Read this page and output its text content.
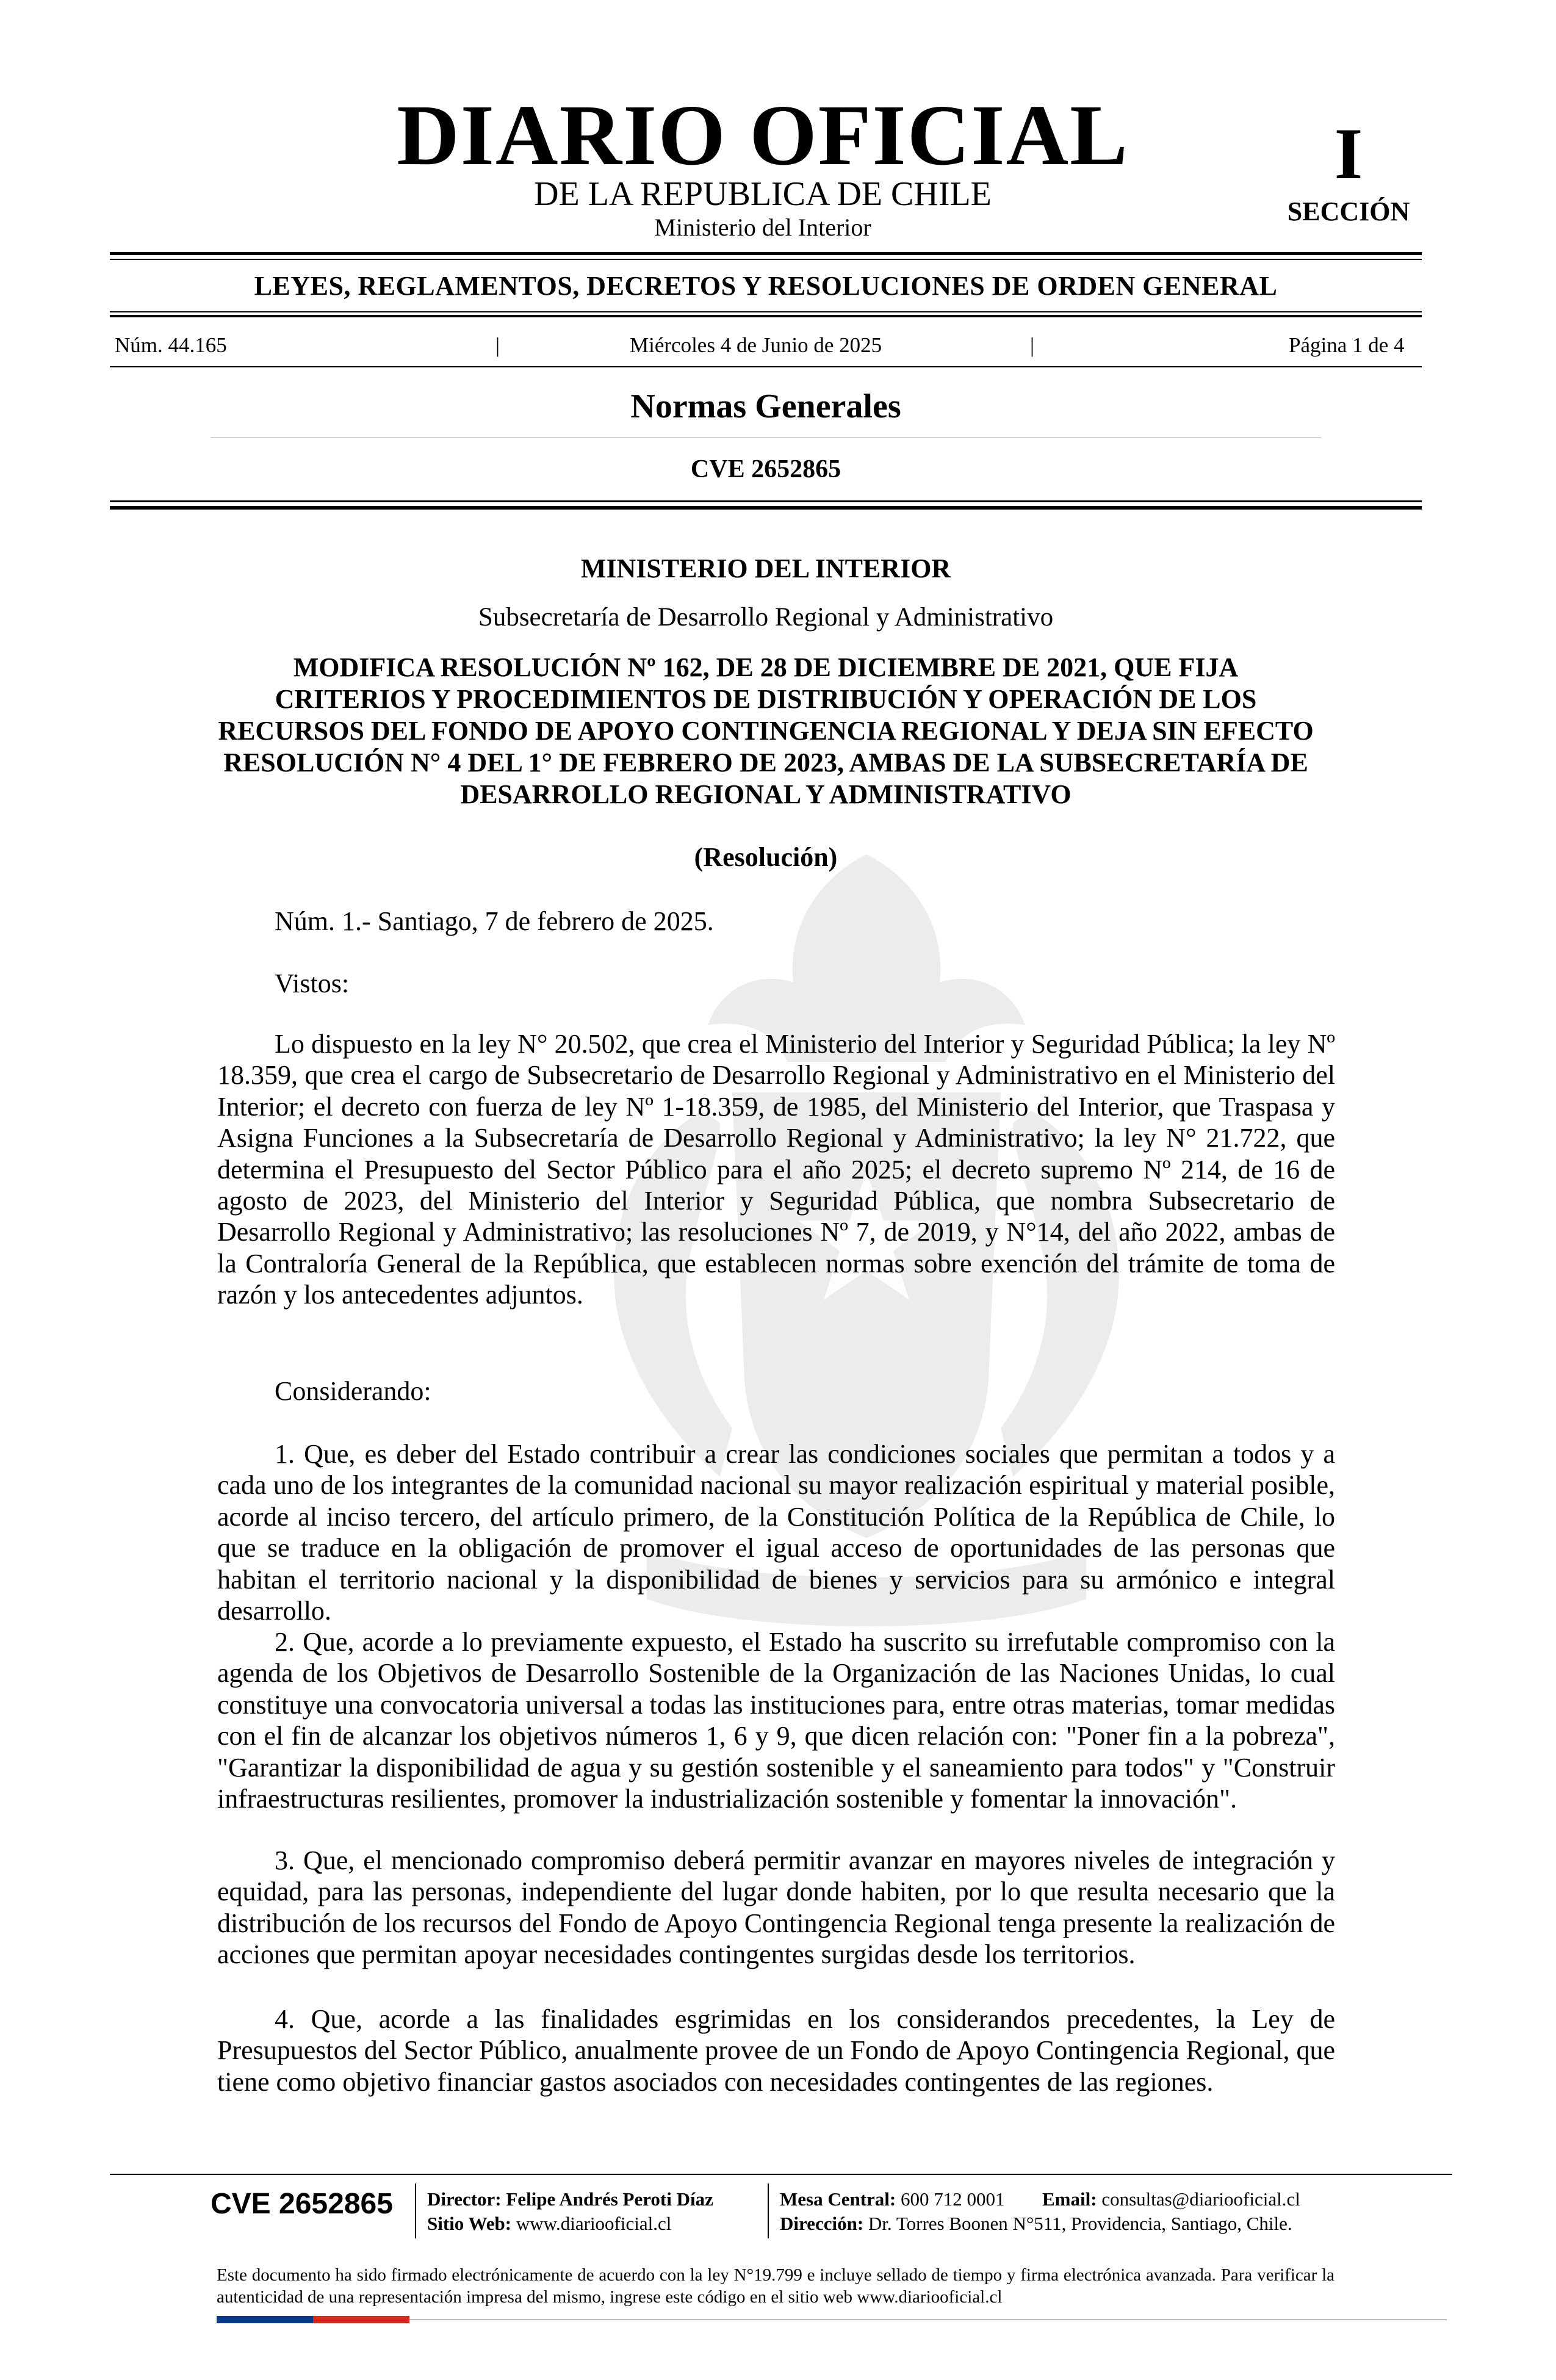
DIARIO OFICIAL
DE LA REPUBLICA DE CHILE
Ministerio del Interior
I
SECCIÓN
LEYES, REGLAMENTOS, DECRETOS Y RESOLUCIONES DE ORDEN GENERAL
Núm. 44.165	|	Miércoles 4 de Junio de 2025	|	Página 1 de 4
Normas Generales
CVE 2652865
MINISTERIO DEL INTERIOR
Subsecretaría de Desarrollo Regional y Administrativo
MODIFICA RESOLUCIÓN Nº 162, DE 28 DE DICIEMBRE DE 2021, QUE FIJA CRITERIOS Y PROCEDIMIENTOS DE DISTRIBUCIÓN Y OPERACIÓN DE LOS RECURSOS DEL FONDO DE APOYO CONTINGENCIA REGIONAL Y DEJA SIN EFECTO RESOLUCIÓN N° 4 DEL 1° DE FEBRERO DE 2023, AMBAS DE LA SUBSECRETARÍA DE DESARROLLO REGIONAL Y ADMINISTRATIVO
(Resolución)
Núm. 1.- Santiago, 7 de febrero de 2025.
Vistos:
Lo dispuesto en la ley N° 20.502, que crea el Ministerio del Interior y Seguridad Pública; la ley Nº 18.359, que crea el cargo de Subsecretario de Desarrollo Regional y Administrativo en el Ministerio del Interior; el decreto con fuerza de ley Nº 1-18.359, de 1985, del Ministerio del Interior, que Traspasa y Asigna Funciones a la Subsecretaría de Desarrollo Regional y Administrativo; la ley N° 21.722, que determina el Presupuesto del Sector Público para el año 2025; el decreto supremo Nº 214, de 16 de agosto de 2023, del Ministerio del Interior y Seguridad Pública, que nombra Subsecretario de Desarrollo Regional y Administrativo; las resoluciones Nº 7, de 2019, y N°14, del año 2022, ambas de la Contraloría General de la República, que establecen normas sobre exención del trámite de toma de razón y los antecedentes adjuntos.
Considerando:
1. Que, es deber del Estado contribuir a crear las condiciones sociales que permitan a todos y a cada uno de los integrantes de la comunidad nacional su mayor realización espiritual y material posible, acorde al inciso tercero, del artículo primero, de la Constitución Política de la República de Chile, lo que se traduce en la obligación de promover el igual acceso de oportunidades de las personas que habitan el territorio nacional y la disponibilidad de bienes y servicios para su armónico e integral desarrollo.
2. Que, acorde a lo previamente expuesto, el Estado ha suscrito su irrefutable compromiso con la agenda de los Objetivos de Desarrollo Sostenible de la Organización de las Naciones Unidas, lo cual constituye una convocatoria universal a todas las instituciones para, entre otras materias, tomar medidas con el fin de alcanzar los objetivos números 1, 6 y 9, que dicen relación con: "Poner fin a la pobreza", "Garantizar la disponibilidad de agua y su gestión sostenible y el saneamiento para todos" y "Construir infraestructuras resilientes, promover la industrialización sostenible y fomentar la innovación".
3. Que, el mencionado compromiso deberá permitir avanzar en mayores niveles de integración y equidad, para las personas, independiente del lugar donde habiten, por lo que resulta necesario que la distribución de los recursos del Fondo de Apoyo Contingencia Regional tenga presente la realización de acciones que permitan apoyar necesidades contingentes surgidas desde los territorios.
4. Que, acorde a las finalidades esgrimidas en los considerandos precedentes, la Ley de Presupuestos del Sector Público, anualmente provee de un Fondo de Apoyo Contingencia Regional, que tiene como objetivo financiar gastos asociados con necesidades contingentes de las regiones.
CVE 2652865 Director: Felipe Andrés Peroti Díaz
Sitio Web: www.diariooficial.cl
Mesa Central: 600 712 0001 Email: consultas@diariooficial.cl
Dirección: Dr. Torres Boonen N°511, Providencia, Santiago, Chile.
Este documento ha sido firmado electrónicamente de acuerdo con la ley N°19.799 e incluye sellado de tiempo y firma electrónica avanzada. Para verificar la autenticidad de una representación impresa del mismo, ingrese este código en el sitio web www.diariooficial.cl
